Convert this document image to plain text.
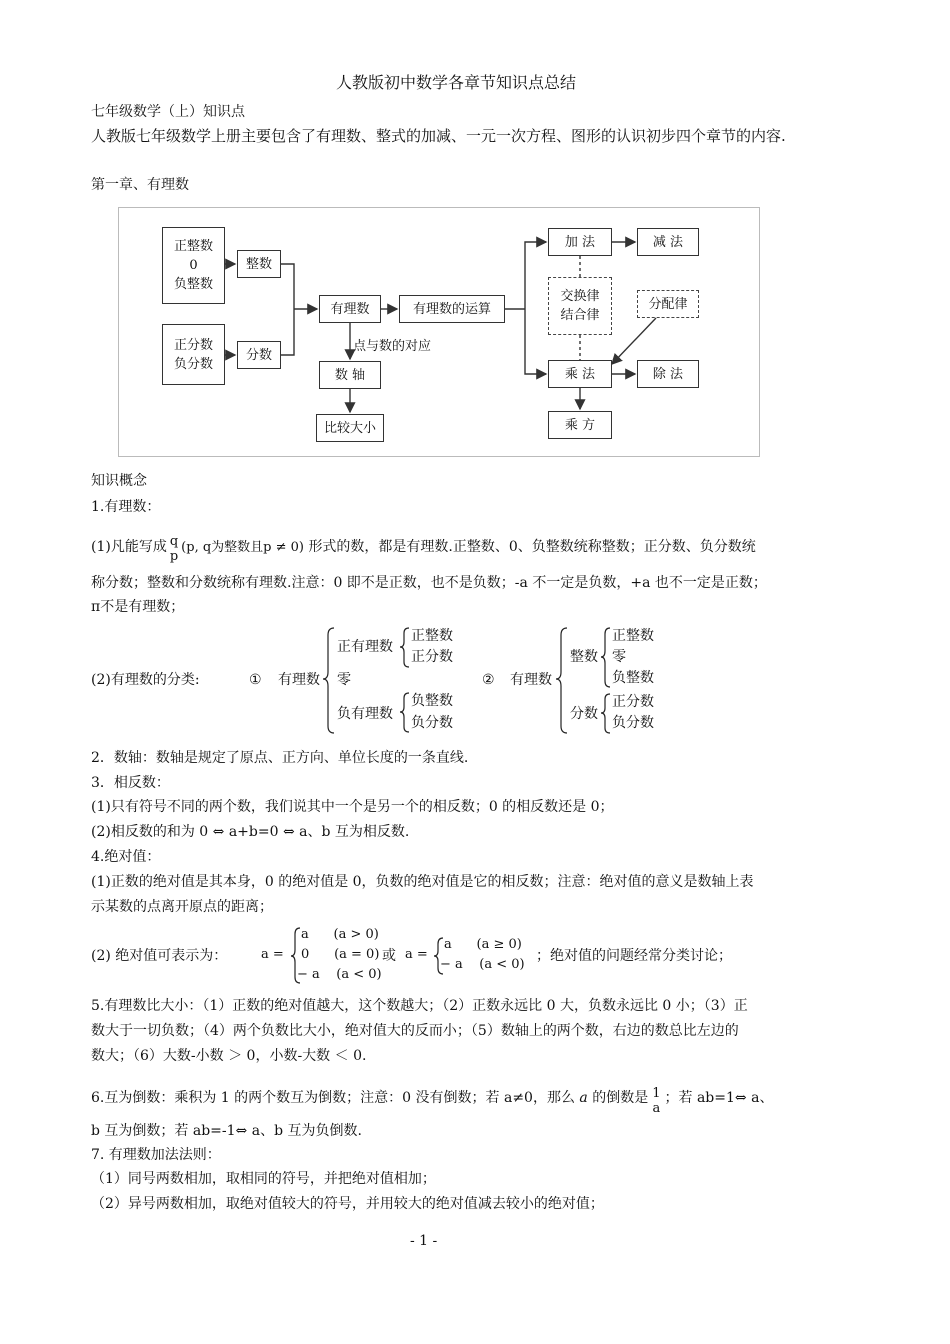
人教版初中数学各章节知识点总结
七年级数学（上）知识点
人教版七年级数学上册主要包含了有理数、整式的加减、一元一次方程、图形的认识初步四个章节的内容.
第一章、有理数
正整数
0
负整数
整数
正分数
负分数
分数
有理数	有理数的运算
点与数的对应
数 轴
比较大小
加 法	减 法
交换律
结合律
分配律
乘 法	除 法
乘 方
知识概念
1.有理数：
(1)凡能写成 q
p
(p, q为整数且p ≠ 0) 形式的数，都是有理数.正整数、0、负整数统称整数；正分数、负分数统
称分数；整数和分数统称有理数.注意：0 即不是正数，也不是负数；-a 不一定是负数，+a 也不一定是正数；
π不是有理数；
(2)有理数的分类:	① 有理数
正有理数
正整数
正分数
零
负有理数
负整数
负分数
② 有理数
整数
正整数
零
负整数
分数
正分数
负分数
2．数轴：数轴是规定了原点、正方向、单位长度的一条直线.
3．相反数：
(1)只有符号不同的两个数，我们说其中一个是另一个的相反数；0 的相反数还是 0；
(2)相反数的和为 0 ⇔ a+b=0 ⇔ a、b 互为相反数.
4.绝对值：
(1)正数的绝对值是其本身，0 的绝对值是 0，负数的绝对值是它的相反数；注意：绝对值的意义是数轴上表
示某数的点离开原点的距离；
(2) 绝对值可表示为：	a =
a      (a > 0)
0      (a = 0)
− a    (a < 0)
或 a =
a      (a ≥ 0)
− a    (a < 0)
；绝对值的问题经常分类讨论；
5.有理数比大小：（1）正数的绝对值越大，这个数越大；（2）正数永远比 0 大，负数永远比 0 小；（3）正
数大于一切负数；（4）两个负数比大小，绝对值大的反而小；（5）数轴上的两个数，右边的数总比左边的
数大；（6）大数-小数 ＞ 0，小数-大数 ＜ 0.
6.互为倒数：乘积为 1 的两个数互为倒数；注意：0 没有倒数；若 a≠0，那么 a 的倒数是 1
a
；若 ab=1⇔ a、
b 互为倒数；若 ab=-1⇔ a、b 互为负倒数.
7. 有理数加法法则：
（1）同号两数相加，取相同的符号，并把绝对值相加；
（2）异号两数相加，取绝对值较大的符号，并用较大的绝对值减去较小的绝对值；
- 1 -
